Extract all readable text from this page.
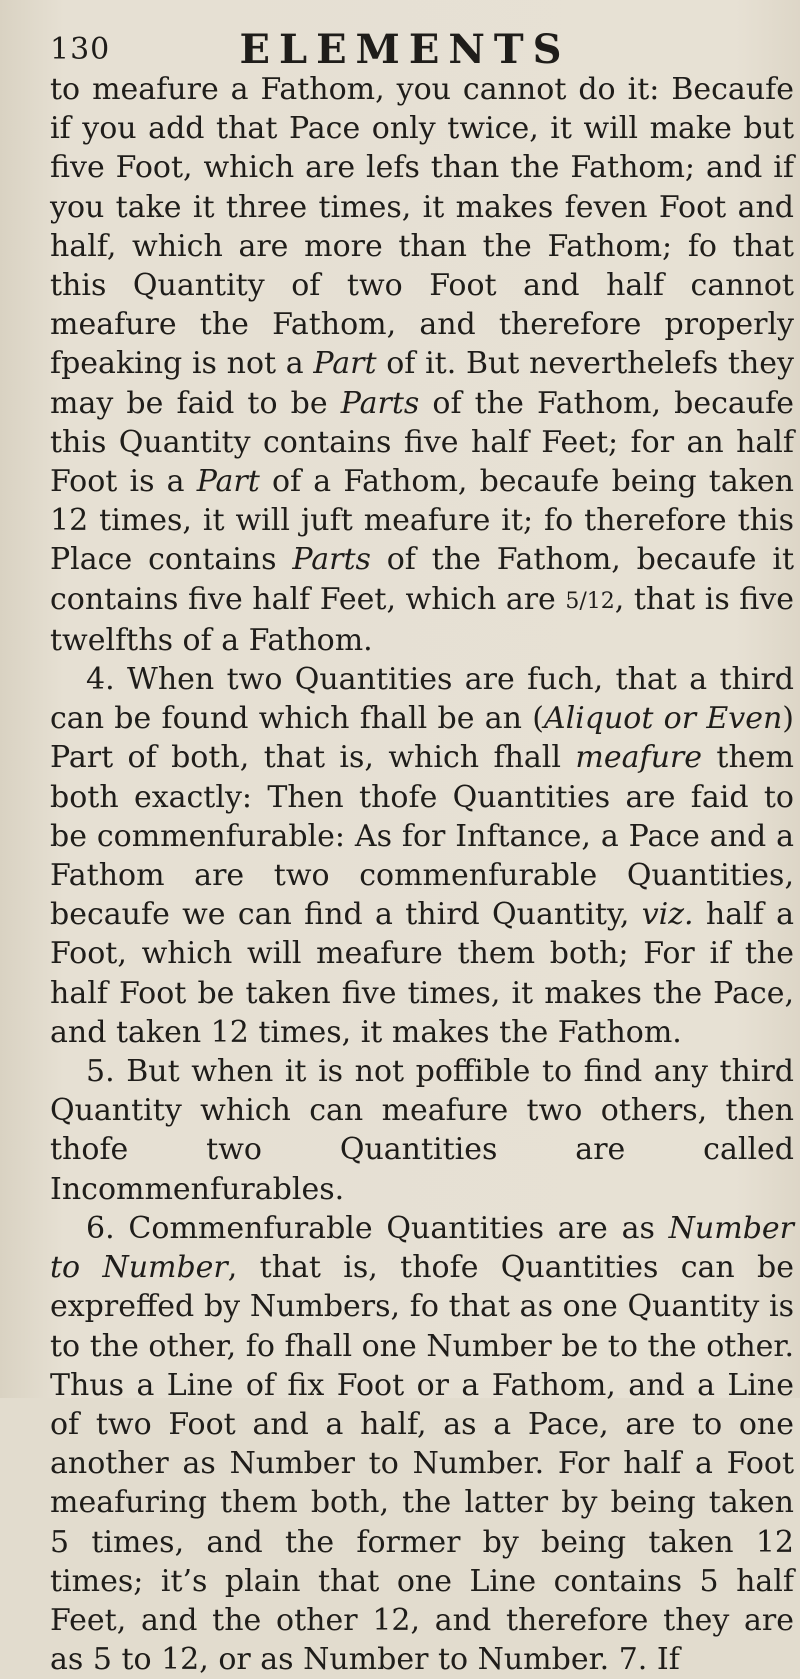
130	ELEMENTS

to meafure a Fathom, you cannot do it: Becaufe if you add that Pace only twice, it will make but five Foot, which are lefs than the Fathom; and if you take it three times, it makes feven Foot and half, which are more than the Fathom; fo that this Quantity of two Foot and half cannot meafure the Fathom, and therefore properly fpeaking is not a Part of it. But neverthelefs they may be faid to be Parts of the Fathom, becaufe this Quantity contains five half Feet; for an half Foot is a Part of a Fathom, becaufe being taken 12 times, it will juft meafure it; fo therefore this Place contains Parts of the Fathom, becaufe it contains five half Feet, which are 5/12, that is five twelfths of a Fathom.

4. When two Quantities are fuch, that a third can be found which fhall be an (Aliquot or Even) Part of both, that is, which fhall meafure them both exactly: Then thofe Quantities are faid to be commenfurable: As for Inftance, a Pace and a Fathom are two commenfurable Quantities, becaufe we can find a third Quantity, viz. half a Foot, which will meafure them both; For if the half Foot be taken five times, it makes the Pace, and taken 12 times, it makes the Fathom.

5. But when it is not poffible to find any third Quantity which can meafure two others, then thofe two Quantities are called Incommenfurables.

6. Commenfurable Quantities are as Number to Number, that is, thofe Quantities can be expreffed by Numbers, fo that as one Quantity is to the other, fo fhall one Number be to the other. Thus a Line of fix Foot or a Fathom, and a Line of two Foot and a half, as a Pace, are to one another as Number to Number. For half a Foot meafuring them both, the latter by being taken 5 times, and the former by being taken 12 times; it’s plain that one Line contains 5 half Feet, and the other 12, and therefore they are as 5 to 12, or as Number to Number. 7. If
